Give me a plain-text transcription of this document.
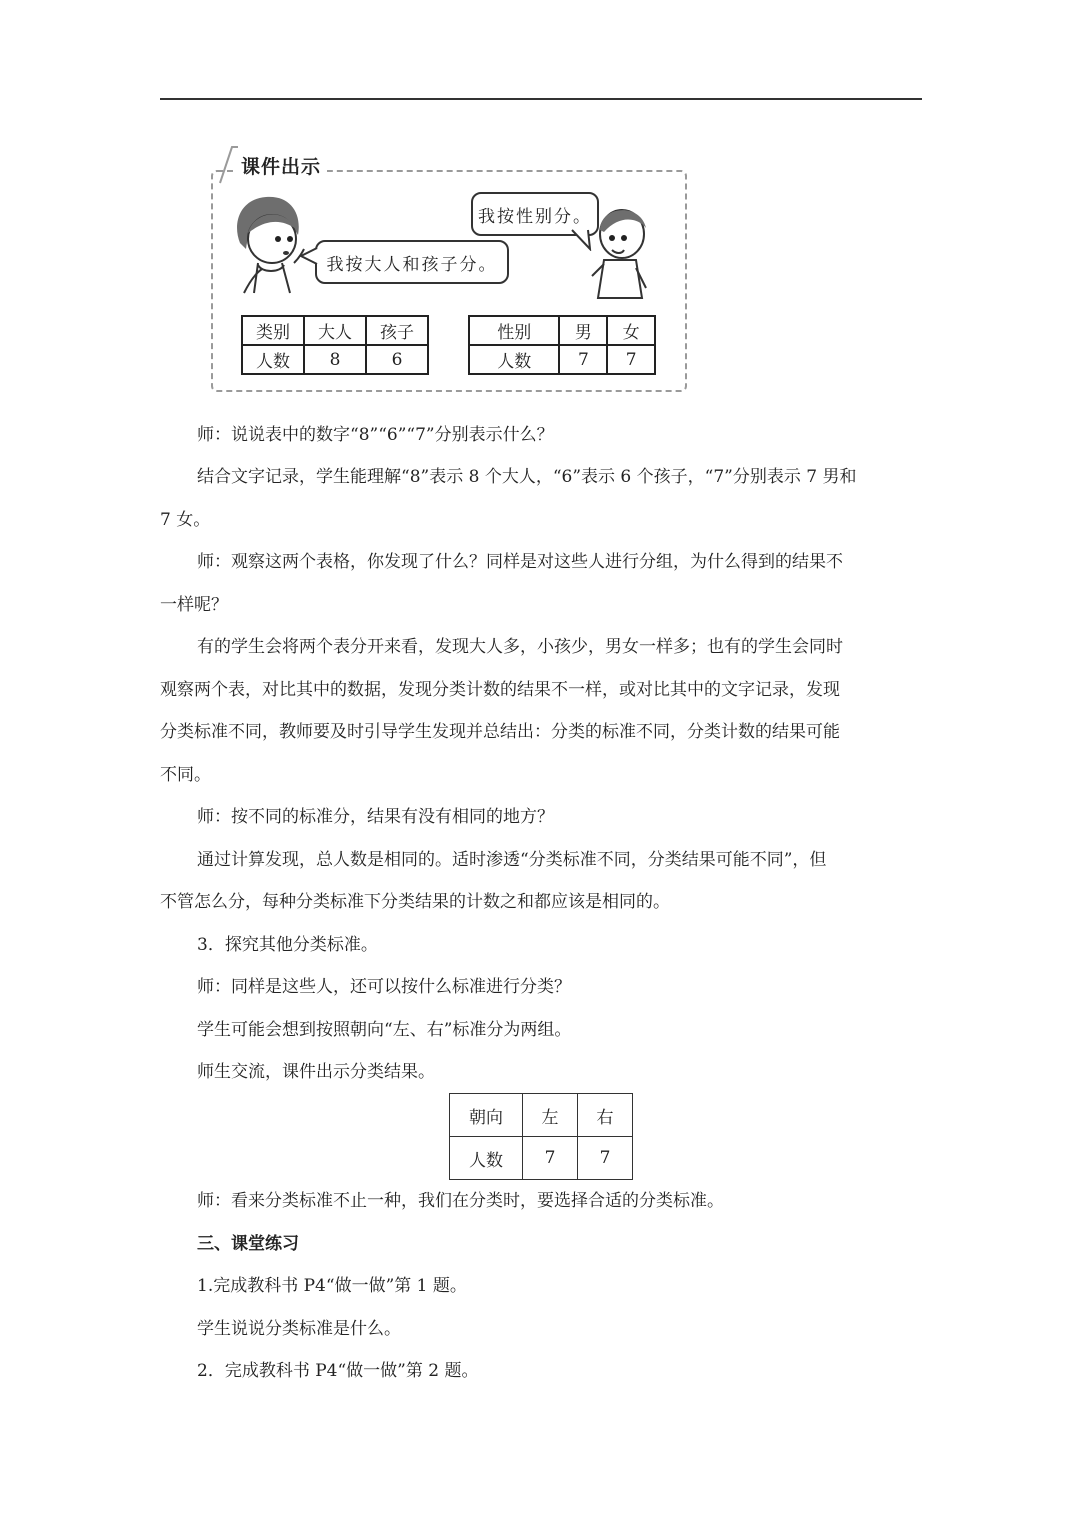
课件出示
我按大人和孩子分。
我按性别分。
类别	大人	孩子
人数	8	6
性别	男	女
人数	7	7
师：说说表中的数字“8”“6”“7”分别表示什么？
结合文字记录，学生能理解“8”表示 8 个大人，“6”表示 6 个孩子，“7”分别表示 7 男和
7 女。
师：观察这两个表格，你发现了什么？同样是对这些人进行分组，为什么得到的结果不
一样呢？
有的学生会将两个表分开来看，发现大人多，小孩少，男女一样多；也有的学生会同时
观察两个表，对比其中的数据，发现分类计数的结果不一样，或对比其中的文字记录，发现
分类标准不同，教师要及时引导学生发现并总结出：分类的标准不同，分类计数的结果可能
不同。
师：按不同的标准分，结果有没有相同的地方？
通过计算发现，总人数是相同的。适时渗透“分类标准不同，分类结果可能不同”，但
不管怎么分，每种分类标准下分类结果的计数之和都应该是相同的。
3．探究其他分类标准。
师：同样是这些人，还可以按什么标准进行分类？
学生可能会想到按照朝向“左、右”标准分为两组。
师生交流，课件出示分类结果。
朝向	左	右
人数	7	7
师：看来分类标准不止一种，我们在分类时，要选择合适的分类标准。
三、课堂练习
1.完成教科书 P4“做一做”第 1 题。
学生说说分类标准是什么。
2．完成教科书 P4“做一做”第 2 题。
